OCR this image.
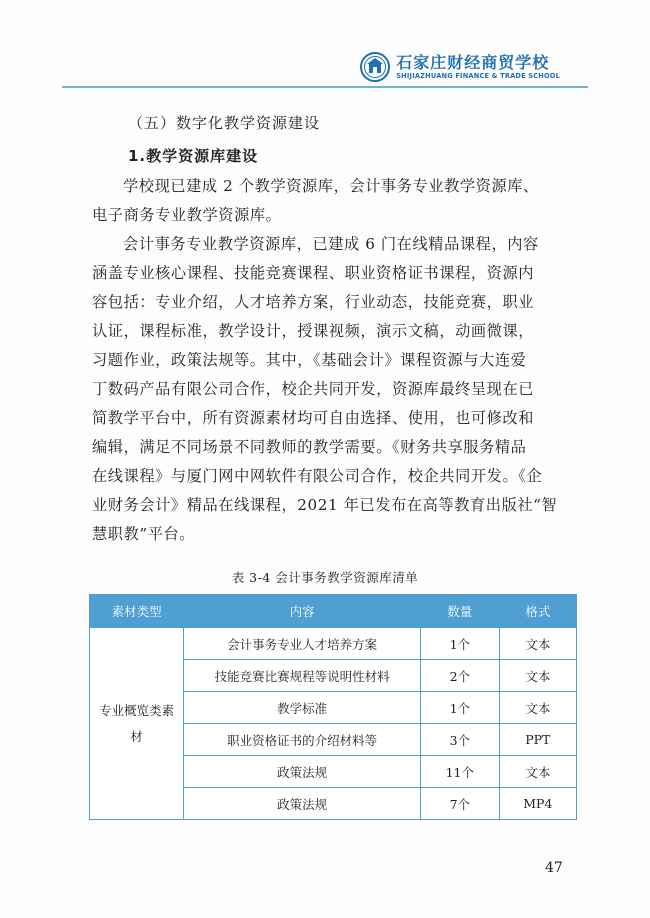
石家庄财经商贸学校
SHIJIAZHUANG FINANCE & TRADE SCHOOL
（五）数字化教学资源建设
1.教学资源库建设
学校现已建成 2 个教学资源库，会计事务专业教学资源库、
电子商务专业教学资源库。
会计事务专业教学资源库，已建成 6 门在线精品课程，内容
涵盖专业核心课程、技能竞赛课程、职业资格证书课程，资源内
容包括：专业介绍，人才培养方案，行业动态，技能竞赛，职业
认证，课程标准，教学设计，授课视频，演示文稿，动画微课，
习题作业，政策法规等。其中，《基础会计》课程资源与大连爱
丁数码产品有限公司合作，校企共同开发，资源库最终呈现在已
简教学平台中，所有资源素材均可自由选择、使用，也可修改和
编辑，满足不同场景不同教师的教学需要。《财务共享服务精品
在线课程》与厦门网中网软件有限公司合作，校企共同开发。《企
业财务会计》精品在线课程，2021 年已发布在高等教育出版社“智
慧职教”平台。
表 3-4 会计事务教学资源库清单
素材类型	内容	数量	格式
专业概览类素材	会计事务专业人才培养方案	1个	文本
	技能竞赛比赛规程等说明性材料	2个	文本
	教学标准	1个	文本
	职业资格证书的介绍材料等	3个	PPT
	政策法规	11个	文本
	政策法规	7个	MP4
47
